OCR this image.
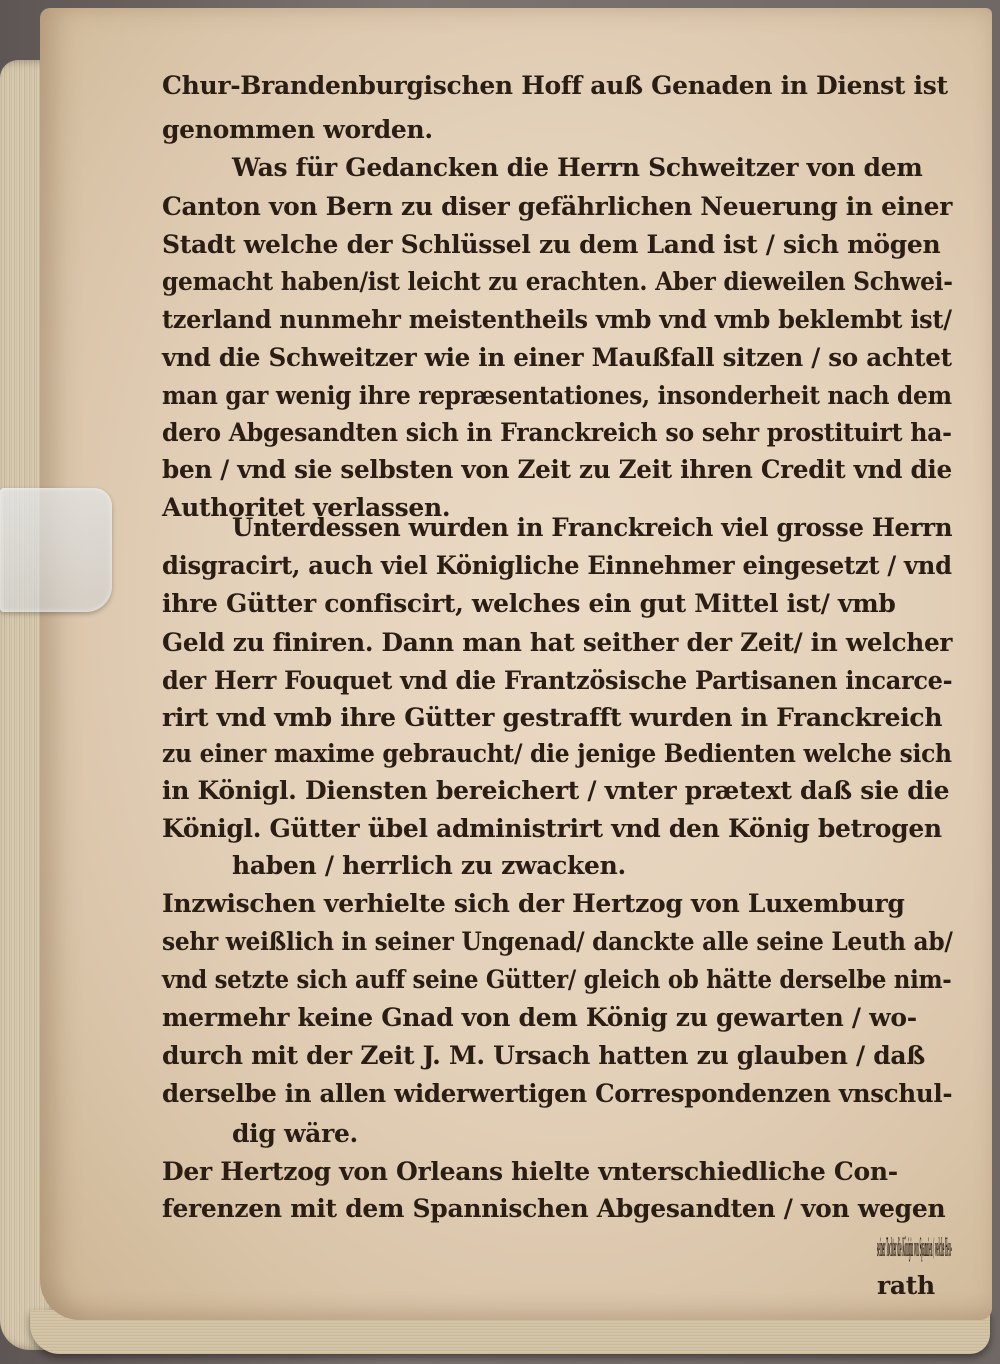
Chur-Brandenburgischen Hoff auß Genaden in Dienst ist
genommen worden.
Was für Gedancken die Herrn Schweitzer von dem
Canton von Bern zu diser gefährlichen Neuerung in einer
Stadt welche der Schlüssel zu dem Land ist / sich mögen
gemacht haben/ist leicht zu erachten. Aber dieweilen Schwei-
tzerland nunmehr meistentheils vmb vnd vmb beklembt ist/
vnd die Schweitzer wie in einer Maußfall sitzen / so achtet
man gar wenig ihre repræsentationes, insonderheit nach dem
dero Abgesandten sich in Franckreich so sehr prostituirt ha-
ben / vnd sie selbsten von Zeit zu Zeit ihren Credit vnd die
Authoritet verlassen.
Unterdessen wurden in Franckreich viel grosse Herrn
disgracirt, auch viel Königliche Einnehmer eingesetzt / vnd
ihre Gütter confiscirt, welches ein gut Mittel ist/ vmb
Geld zu finiren. Dann man hat seither der Zeit/ in welcher
der Herr Fouquet vnd die Frantzösische Partisanen incarce-
rirt vnd vmb ihre Gütter gestrafft wurden in Franckreich
zu einer maxime gebraucht/ die jenige Bedienten welche sich
in Königl. Diensten bereichert / vnter prætext daß sie die
Königl. Gütter übel administrirt vnd den König betrogen
haben / herrlich zu zwacken.
Inzwischen verhielte sich der Hertzog von Luxemburg
sehr weißlich in seiner Ungenad/ danckte alle seine Leuth ab/
vnd setzte sich auff seine Gütter/ gleich ob hätte derselbe nim-
mermehr keine Gnad von dem König zu gewarten / wo-
durch mit der Zeit J. M. Ursach hatten zu glauben / daß
derselbe in allen widerwertigen Correspondenzen vnschul-
dig wäre.
Der Hertzog von Orleans hielte vnterschiedliche Con-
ferenzen mit dem Spannischen Abgesandten / von wegen
seiner Tochter die Königin von Spannien / welche Heu-
rath
